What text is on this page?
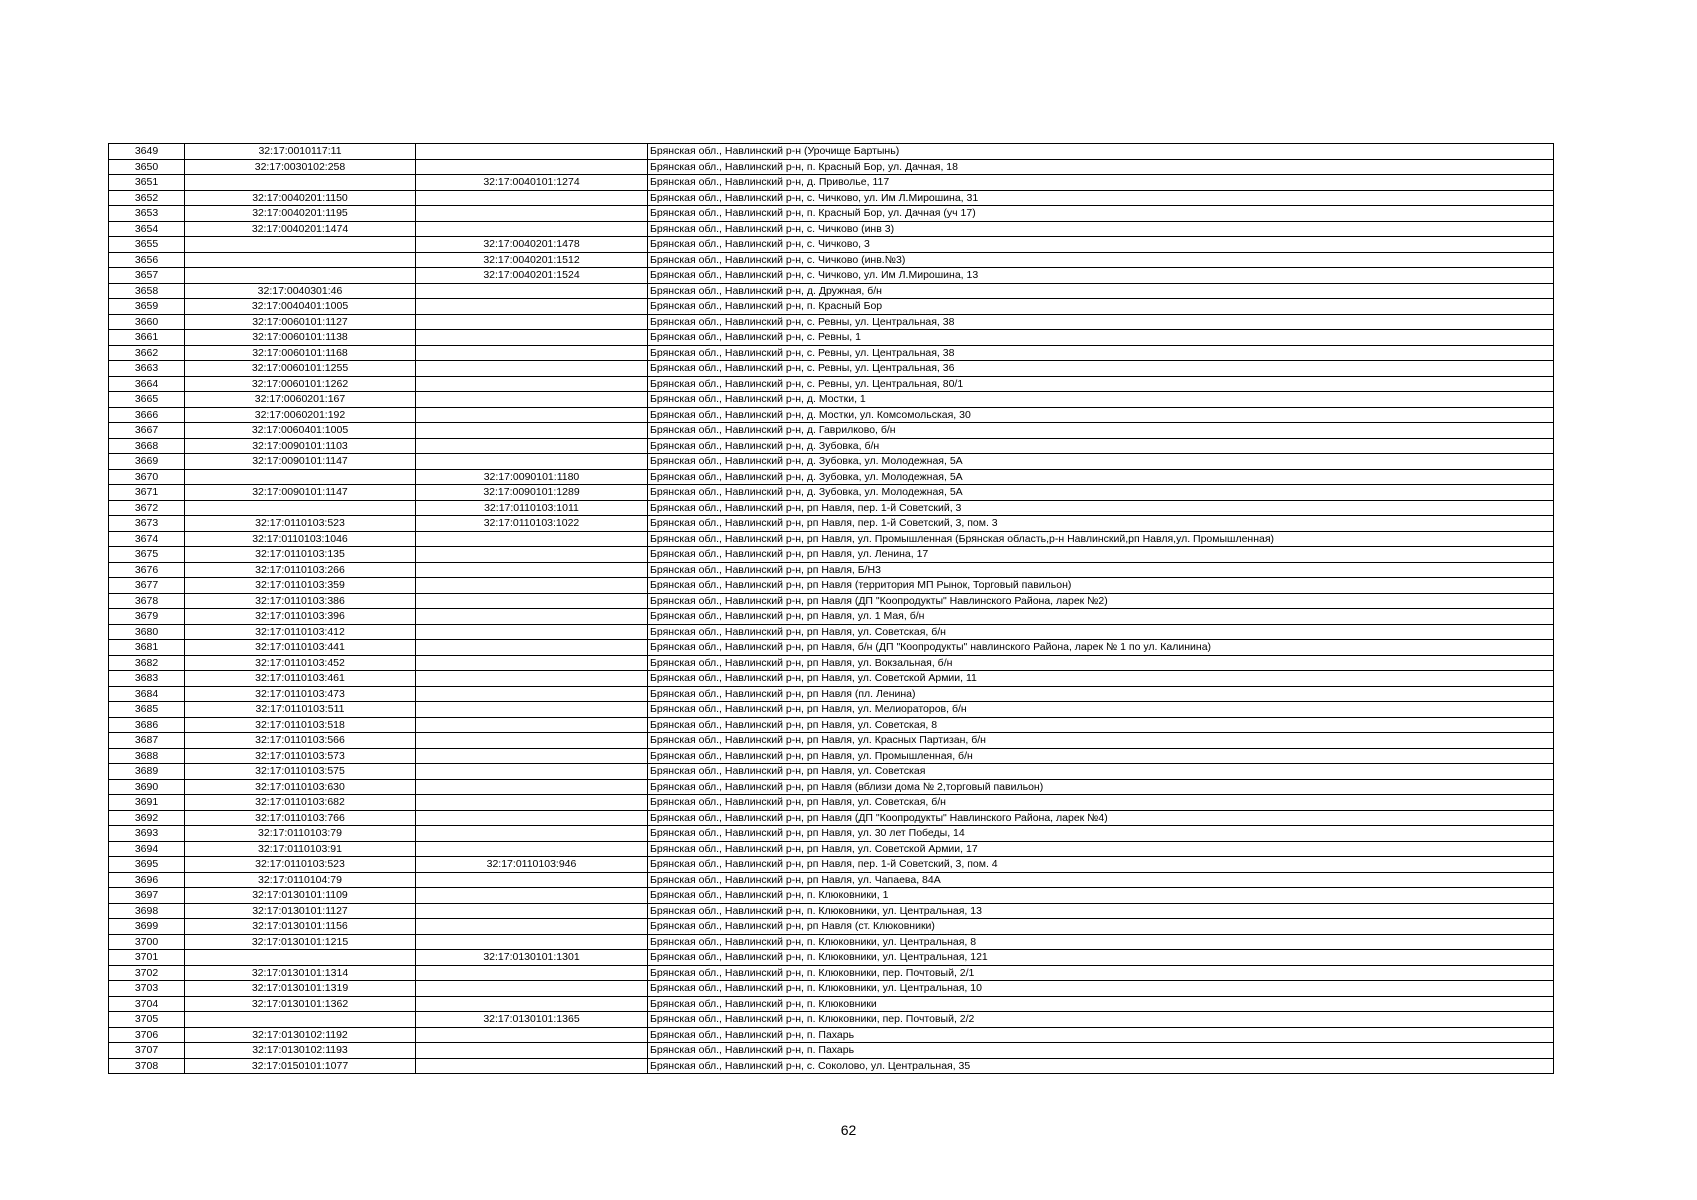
3649	32:17:0010117:11		Брянская обл., Навлинский р-н (Урочище Бартынь)
3650	32:17:0030102:258		Брянская обл., Навлинский р-н, п. Красный Бор, ул. Дачная, 18
3651		32:17:0040101:1274	Брянская обл., Навлинский р-н, д. Приволье, 117
3652	32:17:0040201:1150		Брянская обл., Навлинский р-н, с. Чичково, ул. Им Л.Мирошина, 31
3653	32:17:0040201:1195		Брянская обл., Навлинский р-н, п. Красный Бор, ул. Дачная (уч 17)
3654	32:17:0040201:1474		Брянская обл., Навлинский р-н, с. Чичково (инв 3)
3655		32:17:0040201:1478	Брянская обл., Навлинский р-н, с. Чичково, 3
3656		32:17:0040201:1512	Брянская обл., Навлинский р-н, с. Чичково (инв.№3)
3657		32:17:0040201:1524	Брянская обл., Навлинский р-н, с. Чичково, ул. Им Л.Мирошина, 13
3658	32:17:0040301:46		Брянская обл., Навлинский р-н, д. Дружная, б/н
3659	32:17:0040401:1005		Брянская обл., Навлинский р-н, п. Красный Бор
3660	32:17:0060101:1127		Брянская обл., Навлинский р-н, с. Ревны, ул. Центральная, 38
3661	32:17:0060101:1138		Брянская обл., Навлинский р-н, с. Ревны, 1
3662	32:17:0060101:1168		Брянская обл., Навлинский р-н, с. Ревны, ул. Центральная, 38
3663	32:17:0060101:1255		Брянская обл., Навлинский р-н, с. Ревны, ул. Центральная, 36
3664	32:17:0060101:1262		Брянская обл., Навлинский р-н, с. Ревны, ул. Центральная, 80/1
3665	32:17:0060201:167		Брянская обл., Навлинский р-н, д. Мостки, 1
3666	32:17:0060201:192		Брянская обл., Навлинский р-н, д. Мостки, ул. Комсомольская, 30
3667	32:17:0060401:1005		Брянская обл., Навлинский р-н, д. Гаврилково, б/н
3668	32:17:0090101:1103		Брянская обл., Навлинский р-н, д. Зубовка, б/н
3669	32:17:0090101:1147		Брянская обл., Навлинский р-н, д. Зубовка, ул. Молодежная, 5А
3670		32:17:0090101:1180	Брянская обл., Навлинский р-н, д. Зубовка, ул. Молодежная, 5А
3671	32:17:0090101:1147	32:17:0090101:1289	Брянская обл., Навлинский р-н, д. Зубовка, ул. Молодежная, 5А
3672		32:17:0110103:1011	Брянская обл., Навлинский р-н, рп Навля, пер. 1-й Советский, 3
3673	32:17:0110103:523	32:17:0110103:1022	Брянская обл., Навлинский р-н, рп Навля, пер. 1-й Советский, 3, пом. 3
3674	32:17:0110103:1046		Брянская обл., Навлинский р-н, рп Навля, ул. Промышленная (Брянская область,р-н Навлинский,рп Навля,ул. Промышленная)
3675	32:17:0110103:135		Брянская обл., Навлинский р-н, рп Навля, ул. Ленина, 17
3676	32:17:0110103:266		Брянская обл., Навлинский р-н, рп Навля, Б/Н3
3677	32:17:0110103:359		Брянская обл., Навлинский р-н, рп Навля (территория МП Рынок, Торговый павильон)
3678	32:17:0110103:386		Брянская обл., Навлинский р-н, рп Навля (ДП "Коопродукты" Навлинского Района, ларек №2)
3679	32:17:0110103:396		Брянская обл., Навлинский р-н, рп Навля, ул. 1 Мая, б/н
3680	32:17:0110103:412		Брянская обл., Навлинский р-н, рп Навля, ул. Советская, б/н
3681	32:17:0110103:441		Брянская обл., Навлинский р-н, рп Навля, б/н (ДП "Коопродукты" навлинского Района, ларек № 1 по ул. Калинина)
3682	32:17:0110103:452		Брянская обл., Навлинский р-н, рп Навля, ул. Вокзальная, б/н
3683	32:17:0110103:461		Брянская обл., Навлинский р-н, рп Навля, ул. Советской Армии, 11
3684	32:17:0110103:473		Брянская обл., Навлинский р-н, рп Навля (пл. Ленина)
3685	32:17:0110103:511		Брянская обл., Навлинский р-н, рп Навля, ул. Мелиораторов, б/н
3686	32:17:0110103:518		Брянская обл., Навлинский р-н, рп Навля, ул. Советская, 8
3687	32:17:0110103:566		Брянская обл., Навлинский р-н, рп Навля, ул. Красных Партизан, б/н
3688	32:17:0110103:573		Брянская обл., Навлинский р-н, рп Навля, ул. Промышленная, б/н
3689	32:17:0110103:575		Брянская обл., Навлинский р-н, рп Навля, ул. Советская
3690	32:17:0110103:630		Брянская обл., Навлинский р-н, рп Навля (вблизи дома № 2,торговый павильон)
3691	32:17:0110103:682		Брянская обл., Навлинский р-н, рп Навля, ул. Советская, б/н
3692	32:17:0110103:766		Брянская обл., Навлинский р-н, рп Навля (ДП "Коопродукты" Навлинского Района, ларек №4)
3693	32:17:0110103:79		Брянская обл., Навлинский р-н, рп Навля, ул. 30 лет Победы, 14
3694	32:17:0110103:91		Брянская обл., Навлинский р-н, рп Навля, ул. Советской Армии, 17
3695	32:17:0110103:523	32:17:0110103:946	Брянская обл., Навлинский р-н, рп Навля, пер. 1-й Советский, 3, пом. 4
3696	32:17:0110104:79		Брянская обл., Навлинский р-н, рп Навля, ул. Чапаева, 84А
3697	32:17:0130101:1109		Брянская обл., Навлинский р-н, п. Клюковники, 1
3698	32:17:0130101:1127		Брянская обл., Навлинский р-н, п. Клюковники, ул. Центральная, 13
3699	32:17:0130101:1156		Брянская обл., Навлинский р-н, рп Навля (ст. Клюковники)
3700	32:17:0130101:1215		Брянская обл., Навлинский р-н, п. Клюковники, ул. Центральная, 8
3701		32:17:0130101:1301	Брянская обл., Навлинский р-н, п. Клюковники, ул. Центральная, 121
3702	32:17:0130101:1314		Брянская обл., Навлинский р-н, п. Клюковники, пер. Почтовый, 2/1
3703	32:17:0130101:1319		Брянская обл., Навлинский р-н, п. Клюковники, ул. Центральная, 10
3704	32:17:0130101:1362		Брянская обл., Навлинский р-н, п. Клюковники
3705		32:17:0130101:1365	Брянская обл., Навлинский р-н, п. Клюковники, пер. Почтовый, 2/2
3706	32:17:0130102:1192		Брянская обл., Навлинский р-н, п. Пахарь
3707	32:17:0130102:1193		Брянская обл., Навлинский р-н, п. Пахарь
3708	32:17:0150101:1077		Брянская обл., Навлинский р-н, с. Соколово, ул. Центральная, 35
62
